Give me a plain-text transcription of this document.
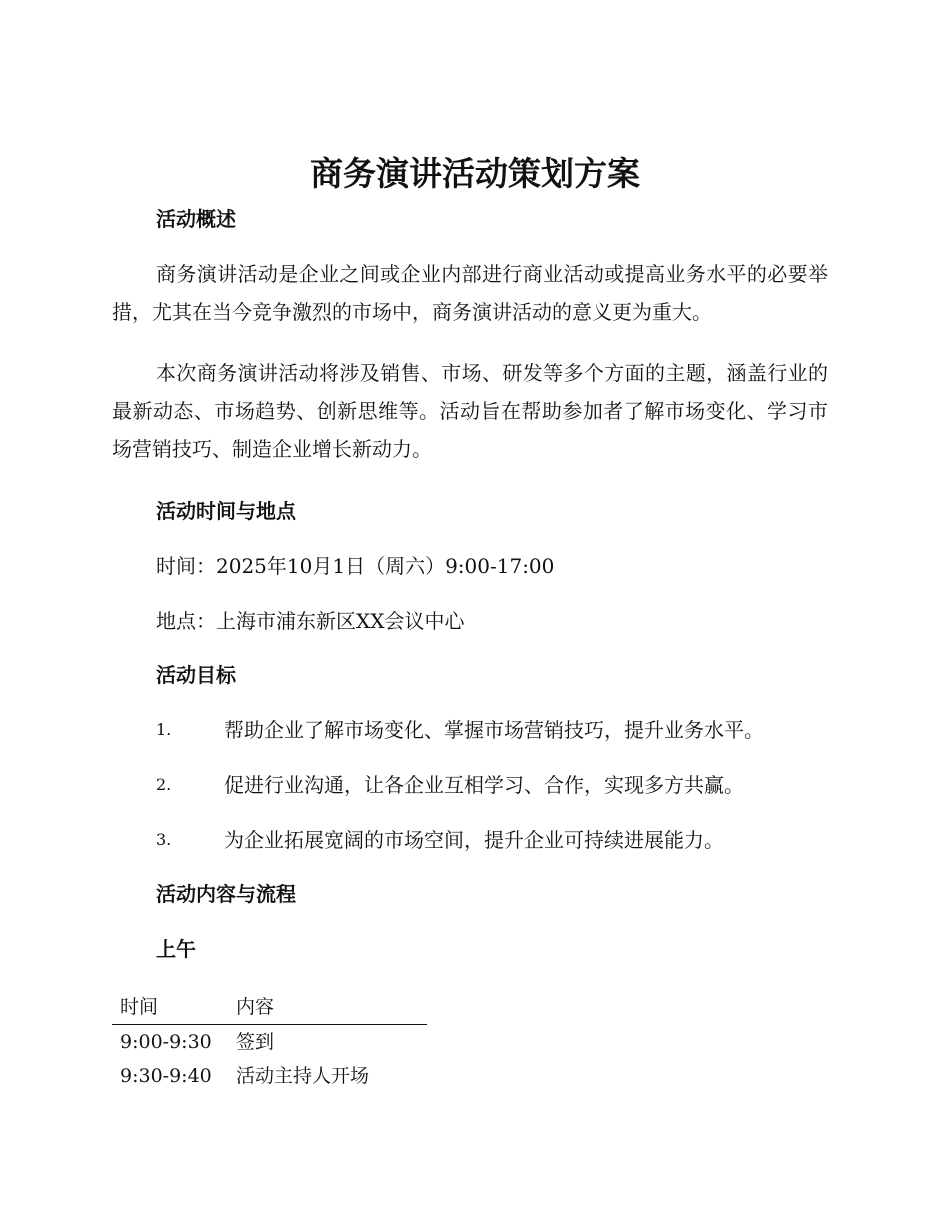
商务演讲活动策划方案
活动概述

商务演讲活动是企业之间或企业内部进行商业活动或提高业务水平的必要举措，尤其在当今竞争激烈的市场中，商务演讲活动的意义更为重大。

本次商务演讲活动将涉及销售、市场、研发等多个方面的主题，涵盖行业的最新动态、市场趋势、创新思维等。活动旨在帮助参加者了解市场变化、学习市场营销技巧、制造企业增长新动力。

活动时间与地点

时间：2025年10月1日（周六）9:00-17:00

地点：上海市浦东新区XX会议中心

活动目标
1.	帮助企业了解市场变化、掌握市场营销技巧，提升业务水平。
2.	促进行业沟通，让各企业互相学习、合作，实现多方共赢。
3.	为企业拓展宽阔的市场空间，提升企业可持续进展能力。
活动内容与流程
上午
时间	内容
9:00-9:30	签到
9:30-9:40	活动主持人开场
